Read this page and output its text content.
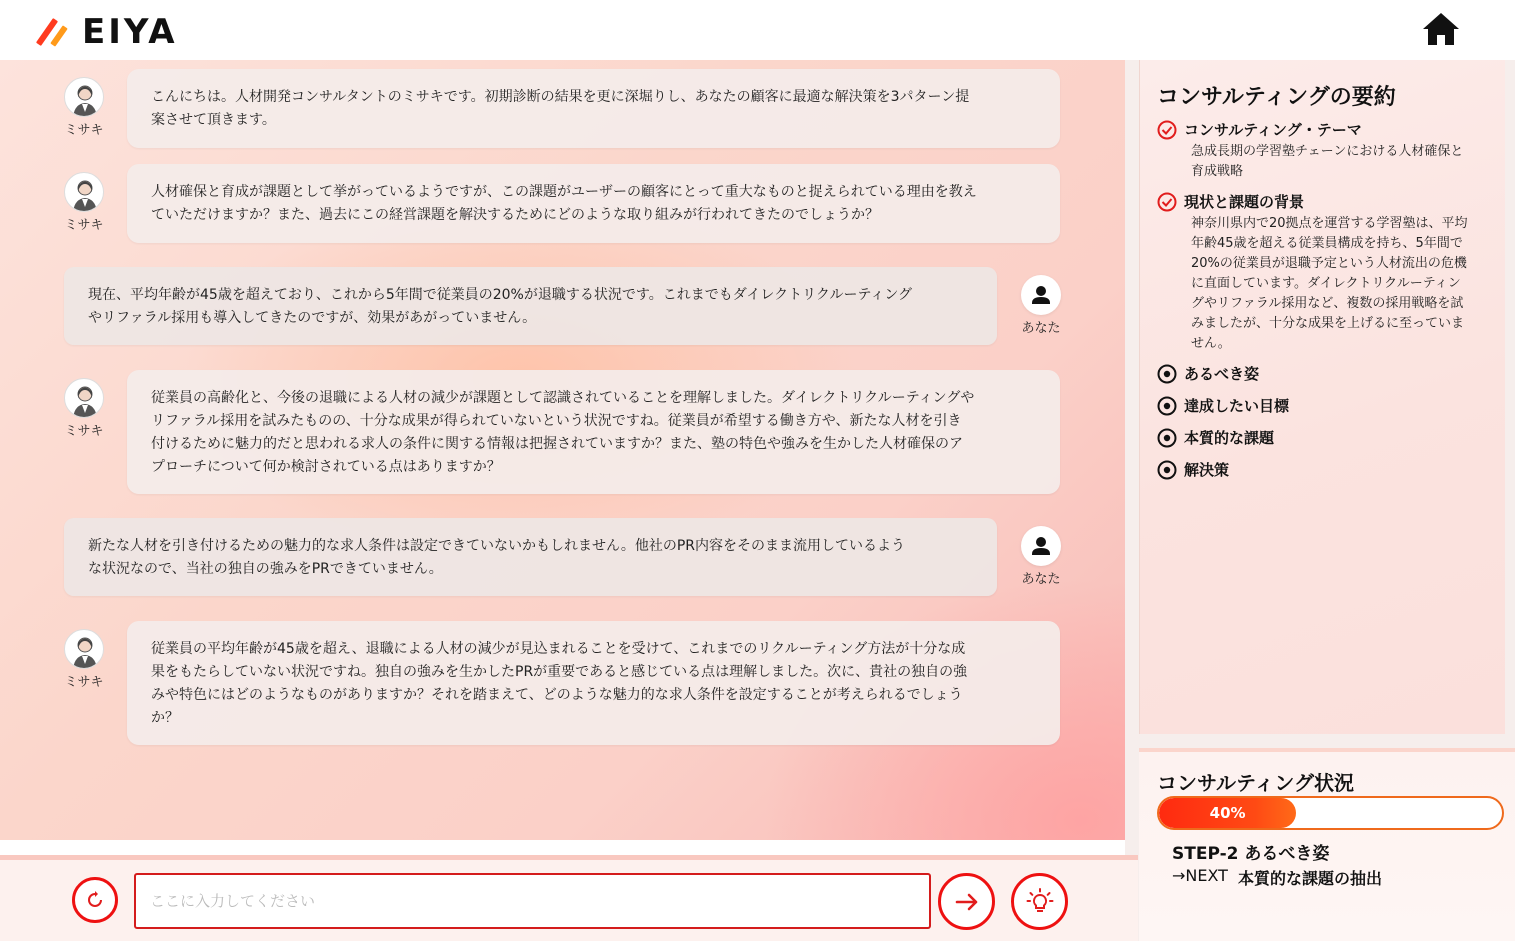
EIYA
ミサキ
こんにちは。人材開発コンサルタントのミサキです。初期診断の結果を更に深堀りし、あなたの顧客に最適な解決策を3パターン提
案させて頂きます。
ミサキ
人材確保と育成が課題として挙がっているようですが、この課題がユーザーの顧客にとって重大なものと捉えられている理由を教え
ていただけますか？また、過去にこの経営課題を解決するためにどのような取り組みが行われてきたのでしょうか？
現在、平均年齢が45歳を超えており、これから5年間で従業員の20%が退職する状況です。これまでもダイレクトリクルーティング
やリファラル採用も導入してきたのですが、効果があがっていません。
あなた
ミサキ
従業員の高齢化と、今後の退職による人材の減少が課題として認識されていることを理解しました。ダイレクトリクルーティングや
リファラル採用を試みたものの、十分な成果が得られていないという状況ですね。従業員が希望する働き方や、新たな人材を引き
付けるために魅力的だと思われる求人の条件に関する情報は把握されていますか？また、塾の特色や強みを生かした人材確保のア
プローチについて何か検討されている点はありますか？
新たな人材を引き付けるための魅力的な求人条件は設定できていないかもしれません。他社のPR内容をそのまま流用しているよう
な状況なので、当社の独自の強みをPRできていません。
あなた
ミサキ
従業員の平均年齢が45歳を超え、退職による人材の減少が見込まれることを受けて、これまでのリクルーティング方法が十分な成
果をもたらしていない状況ですね。独自の強みを生かしたPRが重要であると感じている点は理解しました。次に、貴社の独自の強
みや特色にはどのようなものがありますか？それを踏まえて、どのような魅力的な求人条件を設定することが考えられるでしょう
か？
コンサルティングの要約
コンサルティング・テーマ
急成長期の学習塾チェーンにおける人材確保と
育成戦略
現状と課題の背景
神奈川県内で20拠点を運営する学習塾は、平均
年齢45歳を超える従業員構成を持ち、5年間で
20%の従業員が退職予定という人材流出の危機
に直面しています。ダイレクトリクルーティン
グやリファラル採用など、複数の採用戦略を試
みましたが、十分な成果を上げるに至っていま
せん。
あるべき姿
達成したい目標
本質的な課題
解決策
コンサルティング状況
40%
STEP-2 あるべき姿
→NEXT 本質的な課題の抽出
ここに入力してください
